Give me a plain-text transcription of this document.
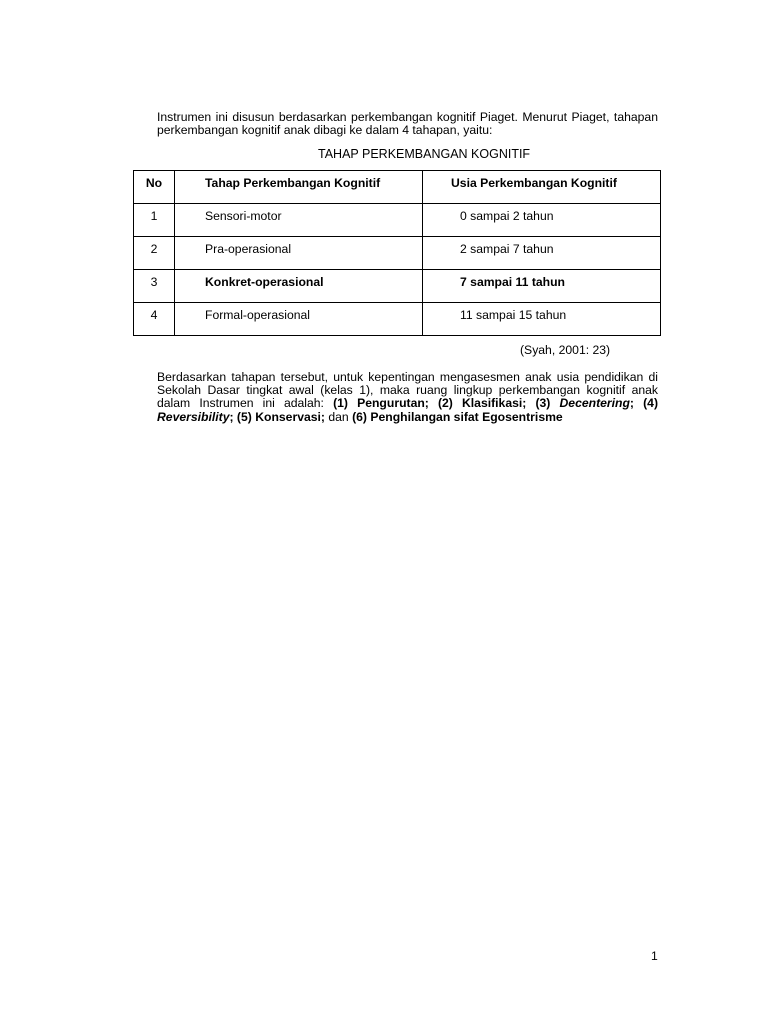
Instrumen ini disusun berdasarkan perkembangan kognitif Piaget. Menurut Piaget, tahapan perkembangan kognitif anak dibagi ke dalam 4 tahapan, yaitu:

TAHAP PERKEMBANGAN KOGNITIF
No	Tahap Perkembangan Kognitif	Usia Perkembangan Kognitif

1	Sensori-motor	0 sampai 2 tahun

2	Pra-operasional	2 sampai 7 tahun

3	Konkret-operasional	7 sampai 11 tahun

4	Formal-operasional	11 sampai 15 tahun
(Syah, 2001: 23)

Berdasarkan tahapan tersebut, untuk kepentingan mengasesmen anak usia pendidikan di Sekolah Dasar tingkat awal (kelas 1), maka ruang lingkup perkembangan kognitif anak dalam Instrumen ini adalah: (1) Pengurutan; (2) Klasifikasi; (3) Decentering; (4) Reversibility; (5) Konservasi; dan (6) Penghilangan sifat Egosentrisme

1
